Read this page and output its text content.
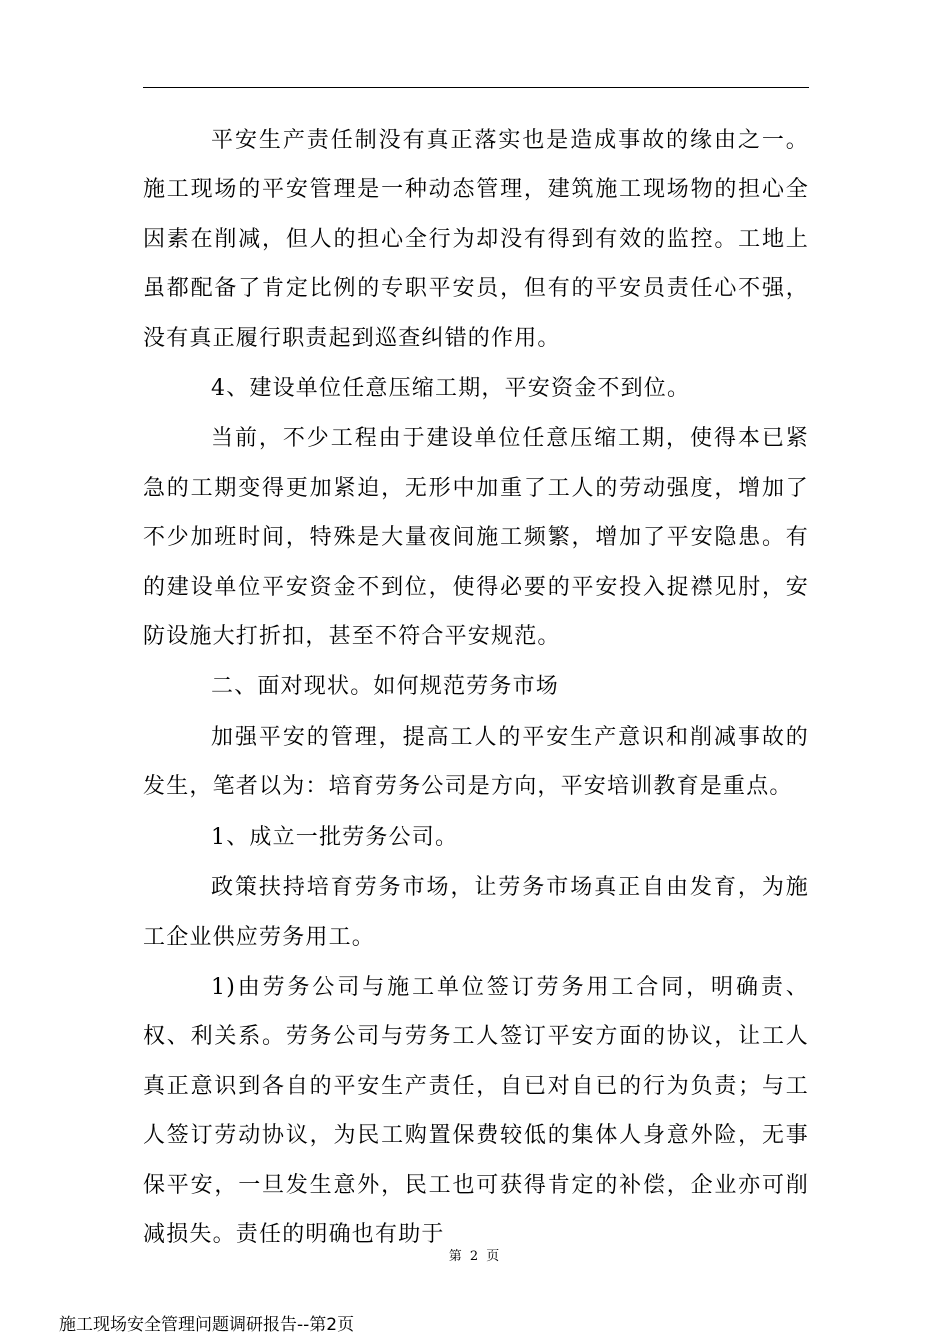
平安生产责任制没有真正落实也是造成事故的缘由之一。施工现场的平安管理是一种动态管理，建筑施工现场物的担心全因素在削减，但人的担心全行为却没有得到有效的监控。工地上虽都配备了肯定比例的专职平安员，但有的平安员责任心不强，没有真正履行职责起到巡查纠错的作用。

4、建设单位任意压缩工期，平安资金不到位。

当前，不少工程由于建设单位任意压缩工期，使得本已紧急的工期变得更加紧迫，无形中加重了工人的劳动强度，增加了不少加班时间，特殊是大量夜间施工频繁，增加了平安隐患。有的建设单位平安资金不到位，使得必要的平安投入捉襟见肘，安防设施大打折扣，甚至不符合平安规范。

二、面对现状。如何规范劳务市场

加强平安的管理，提高工人的平安生产意识和削减事故的发生，笔者以为：培育劳务公司是方向，平安培训教育是重点。

1、成立一批劳务公司。

政策扶持培育劳务市场，让劳务市场真正自由发育，为施工企业供应劳务用工。

1)由劳务公司与施工单位签订劳务用工合同，明确责、权、利关系。劳务公司与劳务工人签订平安方面的协议，让工人真正意识到各自的平安生产责任，自已对自已的行为负责；与工人签订劳动协议，为民工购置保费较低的集体人身意外险，无事保平安，一旦发生意外，民工也可获得肯定的补偿，企业亦可削减损失。责任的明确也有助于

第 2 页
施工现场安全管理问题调研报告--第2页
